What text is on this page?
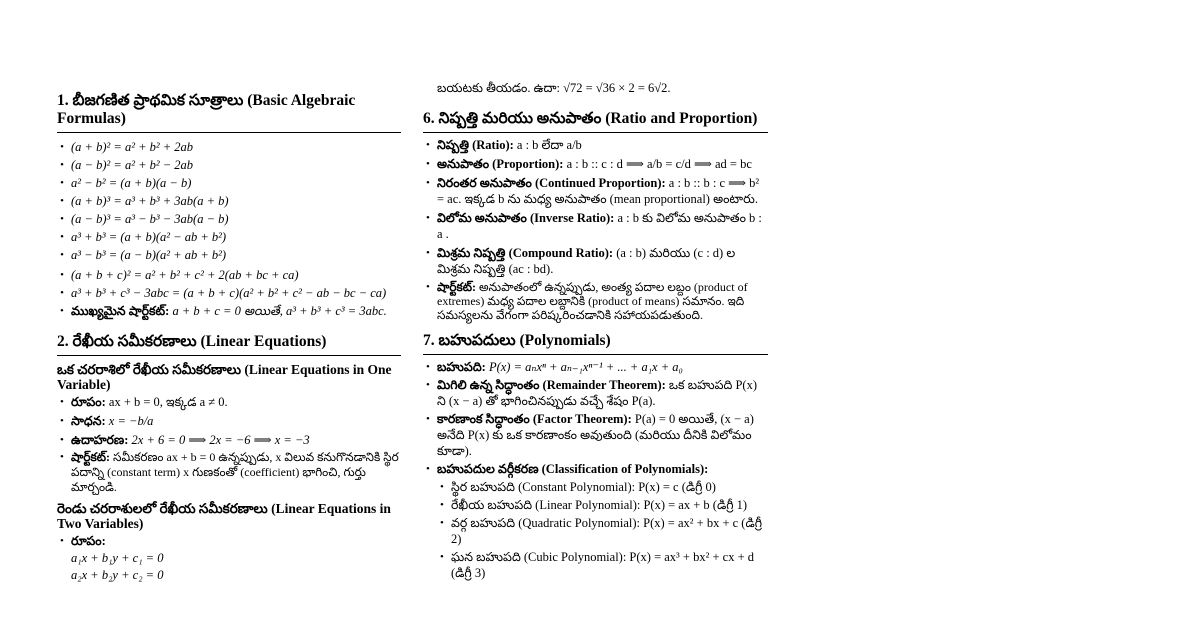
1. బీజగణిత ప్రాథమిక సూత్రాలు (Basic Algebraic Formulas)
• (a + b)² = a² + b² + 2ab
• (a − b)² = a² + b² − 2ab
• a² − b² = (a + b)(a − b)
• (a + b)³ = a³ + b³ + 3ab(a + b)
• (a − b)³ = a³ − b³ − 3ab(a − b)
• a³ + b³ = (a + b)(a² − ab + b²)
• a³ − b³ = (a − b)(a² + ab + b²)
• (a + b + c)² = a² + b² + c² + 2(ab + bc + ca)
• a³ + b³ + c³ − 3abc = (a + b + c)(a² + b² + c² − ab − bc − ca)
• ముఖ్యమైన షార్ట్‌కట్: a + b + c = 0 అయితే, a³ + b³ + c³ = 3abc.
2. రేఖీయ సమీకరణాలు (Linear Equations)
ఒక చరరాశిలో రేఖీయ సమీకరణాలు (Linear Equations in One Variable)
• రూపం: ax + b = 0, ఇక్కడ a ≠ 0.
• సాధన: x = −b/a
• ఉదాహరణ: 2x + 6 = 0 ⟹ 2x = −6 ⟹ x = −3
• షార్ట్‌కట్: సమీకరణం ax + b = 0 ఉన్నప్పుడు, x విలువ కనుగొనడానికి స్థిర పదాన్ని (constant term) x గుణకంతో (coefficient) భాగించి, గుర్తు మార్చండి.
రెండు చరరాశులలో రేఖీయ సమీకరణాలు (Linear Equations in Two Variables)
• రూపం:
a₁x + b₁y + c₁ = 0
a₂x + b₂y + c₂ = 0
బయటకు తీయడం. ఉదా: √72 = √36 × 2 = 6√2.
6. నిష్పత్తి మరియు అనుపాతం (Ratio and Proportion)
• నిష్పత్తి (Ratio): a : b లేదా a/b
• అనుపాతం (Proportion): a : b :: c : d ⟹ a/b = c/d ⟹ ad = bc
• నిరంతర అనుపాతం (Continued Proportion): a : b :: b : c ⟹ b² = ac. ఇక్కడ b ను మధ్య అనుపాతం (mean proportional) అంటారు.
• విలోమ అనుపాతం (Inverse Ratio): a : b కు విలోమ అనుపాతం b : a .
• మిశ్రమ నిష్పత్తి (Compound Ratio): (a : b) మరియు (c : d) ల మిశ్రమ నిష్పత్తి (ac : bd).
• షార్ట్‌కట్: అనుపాతంలో ఉన్నప్పుడు, అంత్య పదాల లబ్దం (product of extremes) మధ్య పదాల లబ్దానికి (product of means) సమానం. ఇది సమస్యలను వేగంగా పరిష్కరించడానికి సహాయపడుతుంది.
7. బహుపదులు (Polynomials)
• బహుపది: P(x) = aₙxⁿ + aₙ₋₁xⁿ⁻¹ + ... + a₁x + a₀
• మిగిలి ఉన్న సిద్ధాంతం (Remainder Theorem): ఒక బహుపది P(x) ని (x − a) తో భాగించినప్పుడు వచ్చే శేషం P(a).
• కారణాంక సిద్ధాంతం (Factor Theorem): P(a) = 0 అయితే, (x − a) అనేది P(x) కు ఒక కారణాంకం అవుతుంది (మరియు దీనికి విలోమం కూడా).
• బహుపదుల వర్గీకరణ (Classification of Polynomials):
• స్థిర బహుపది (Constant Polynomial): P(x) = c (డిగ్రీ 0)
• రేఖీయ బహుపది (Linear Polynomial): P(x) = ax + b (డిగ్రీ 1)
• వర్గ బహుపది (Quadratic Polynomial): P(x) = ax² + bx + c (డిగ్రీ 2)
• ఘన బహుపది (Cubic Polynomial): P(x) = ax³ + bx² + cx + d (డిగ్రీ 3)
